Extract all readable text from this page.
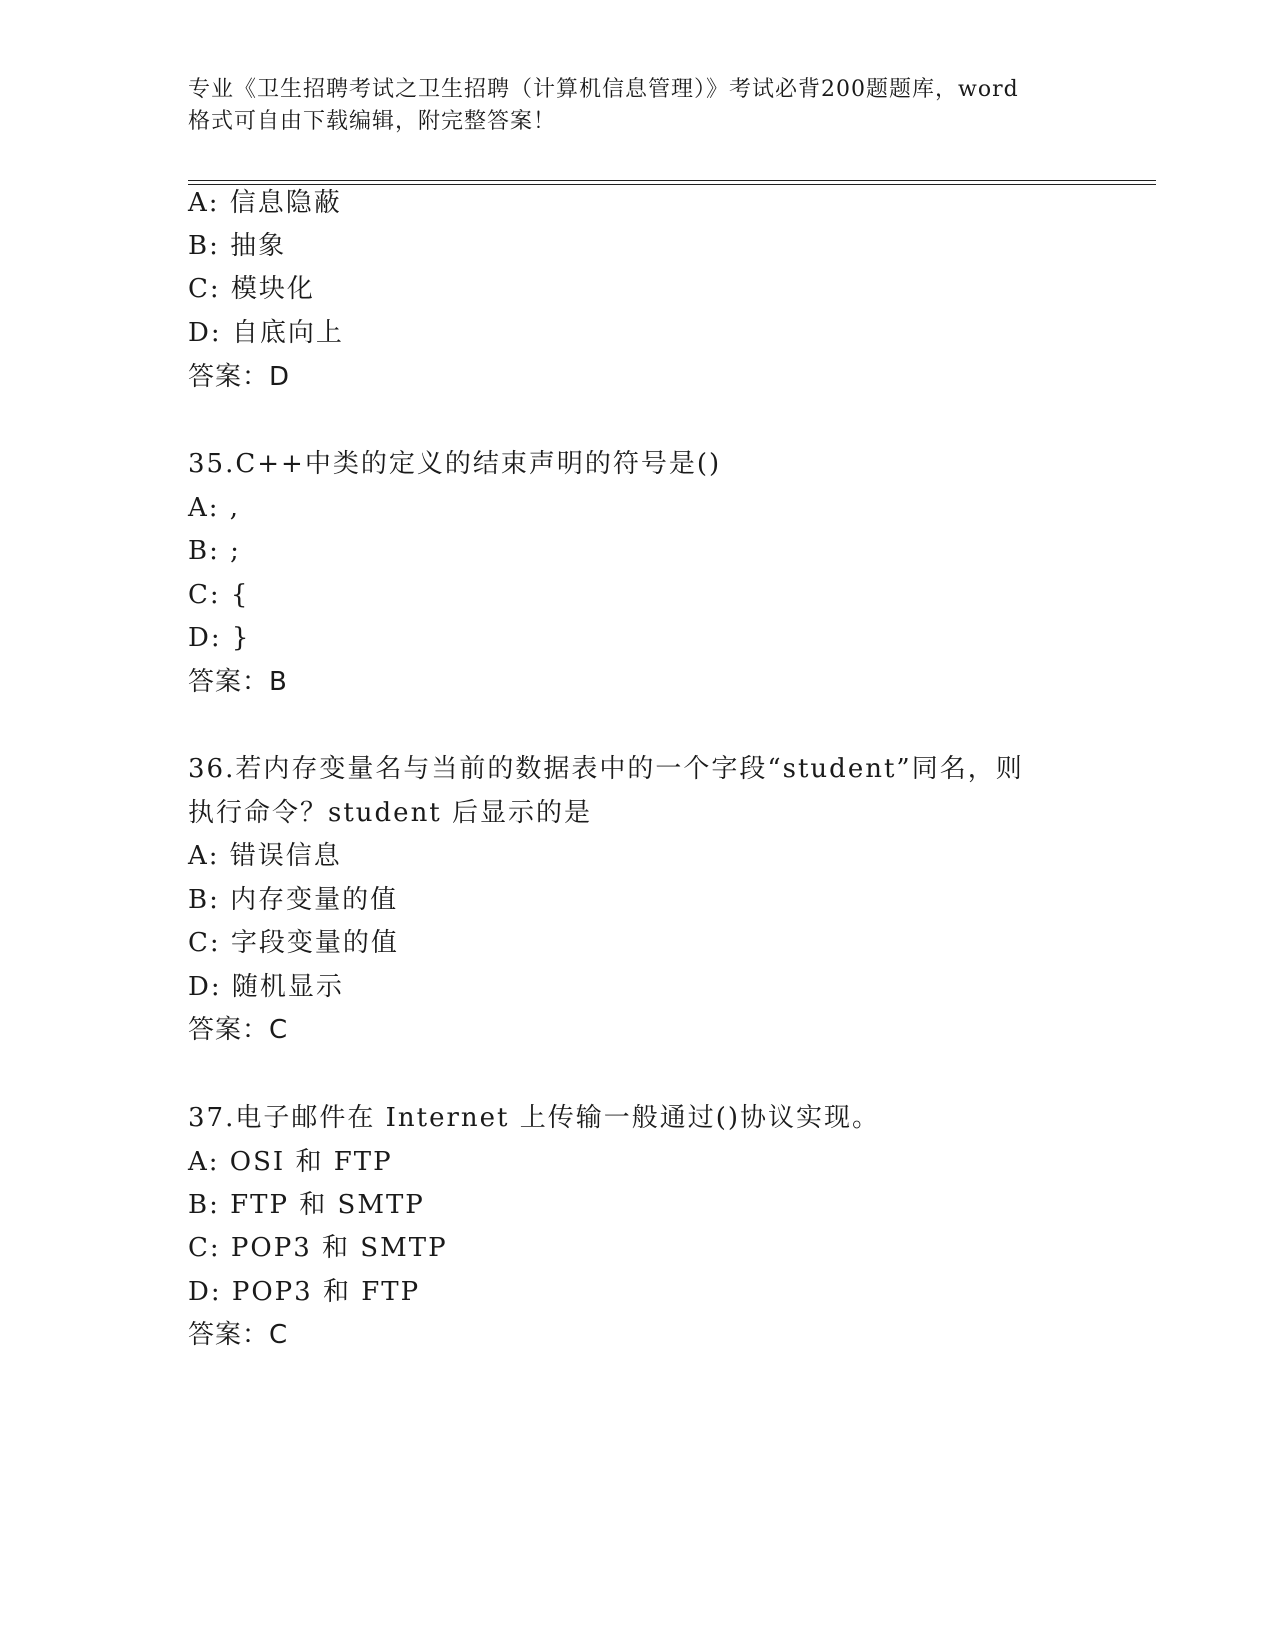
专业《卫生招聘考试之卫生招聘（计算机信息管理）》考试必背200题题库，word
格式可自由下载编辑，附完整答案！
A: 信息隐蔽
B: 抽象
C: 模块化
D: 自底向上
答案：D
35.C++中类的定义的结束声明的符号是()
A: ,
B: ;
C: {
D: }
答案：B
36.若内存变量名与当前的数据表中的一个字段“student”同名，则
执行命令？student 后显示的是
A: 错误信息
B: 内存变量的值
C: 字段变量的值
D: 随机显示
答案：C
37.电子邮件在 Internet 上传输一般通过()协议实现。
A: OSI 和 FTP
B: FTP 和 SMTP
C: POP3 和 SMTP
D: POP3 和 FTP
答案：C
